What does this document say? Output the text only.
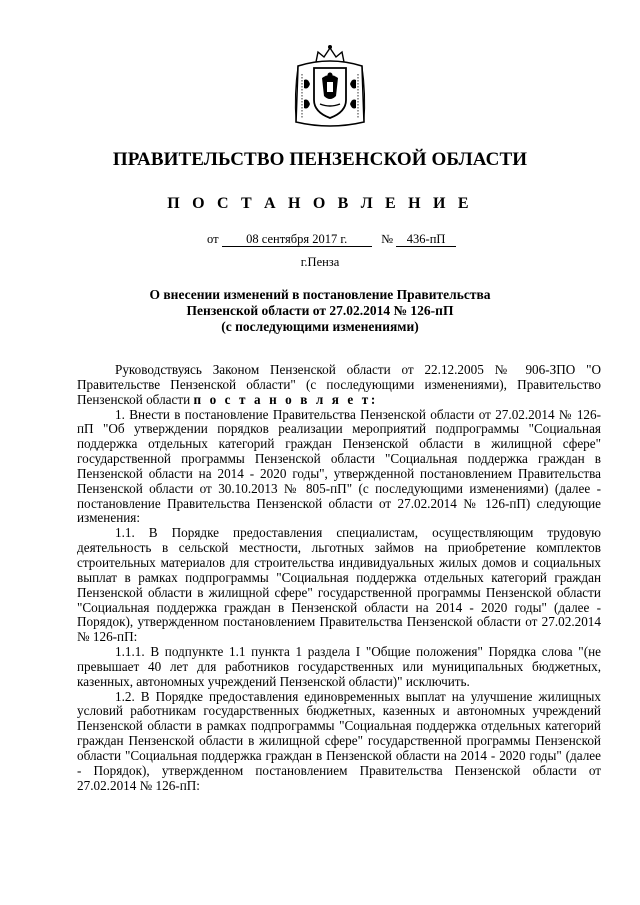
ПРАВИТЕЛЬСТВО ПЕНЗЕНСКОЙ ОБЛАСТИ
П О С Т А Н О В Л Е Н И Е
от 08 сентября 2017 г.	№ 436-пП
г.Пенза
О внесении изменений в постановление Правительства
Пензенской области от 27.02.2014 № 126-пП
(с последующими изменениями)

Руководствуясь Законом Пензенской области от 22.12.2005 № 906-ЗПО "О Правительстве Пензенской области" (с последующими изменениями), Правительство Пензенской области п о с т а н о в л я е т:

1. Внести в постановление Правительства Пензенской области от 27.02.2014 № 126-пП "Об утверждении порядков реализации мероприятий подпрограммы "Социальная поддержка отдельных категорий граждан Пензенской области в жилищной сфере" государственной программы Пензенской области "Социальная поддержка граждан в Пензенской области на 2014 - 2020 годы", утвержденной постановлением Правительства Пензенской области от 30.10.2013 № 805-пП" (с последующими изменениями) (далее - постановление Правительства Пензенской области от 27.02.2014 № 126-пП) следующие изменения:

1.1. В Порядке предоставления специалистам, осуществляющим трудовую деятельность в сельской местности, льготных займов на приобретение комплектов строительных материалов для строительства индивидуальных жилых домов и социальных выплат в рамках подпрограммы "Социальная поддержка отдельных категорий граждан Пензенской области в жилищной сфере" государственной программы Пензенской области "Социальная поддержка граждан в Пензенской области на 2014 - 2020 годы" (далее - Порядок), утвержденном постановлением Правительства Пензенской области от 27.02.2014 № 126-пП:

1.1.1. В подпункте 1.1 пункта 1 раздела I "Общие положения" Порядка слова "(не превышает 40 лет для работников государственных или муниципальных бюджетных, казенных, автономных учреждений Пензенской области)" исключить.

1.2. В Порядке предоставления единовременных выплат на улучшение жилищных условий работникам государственных бюджетных, казенных и автономных учреждений Пензенской области в рамках подпрограммы "Социальная поддержка отдельных категорий граждан Пензенской области в жилищной сфере" государственной программы Пензенской области "Социальная поддержка граждан в Пензенской области на 2014 - 2020 годы" (далее - Порядок), утвержденном постановлением Правительства Пензенской области от 27.02.2014 № 126-пП:
